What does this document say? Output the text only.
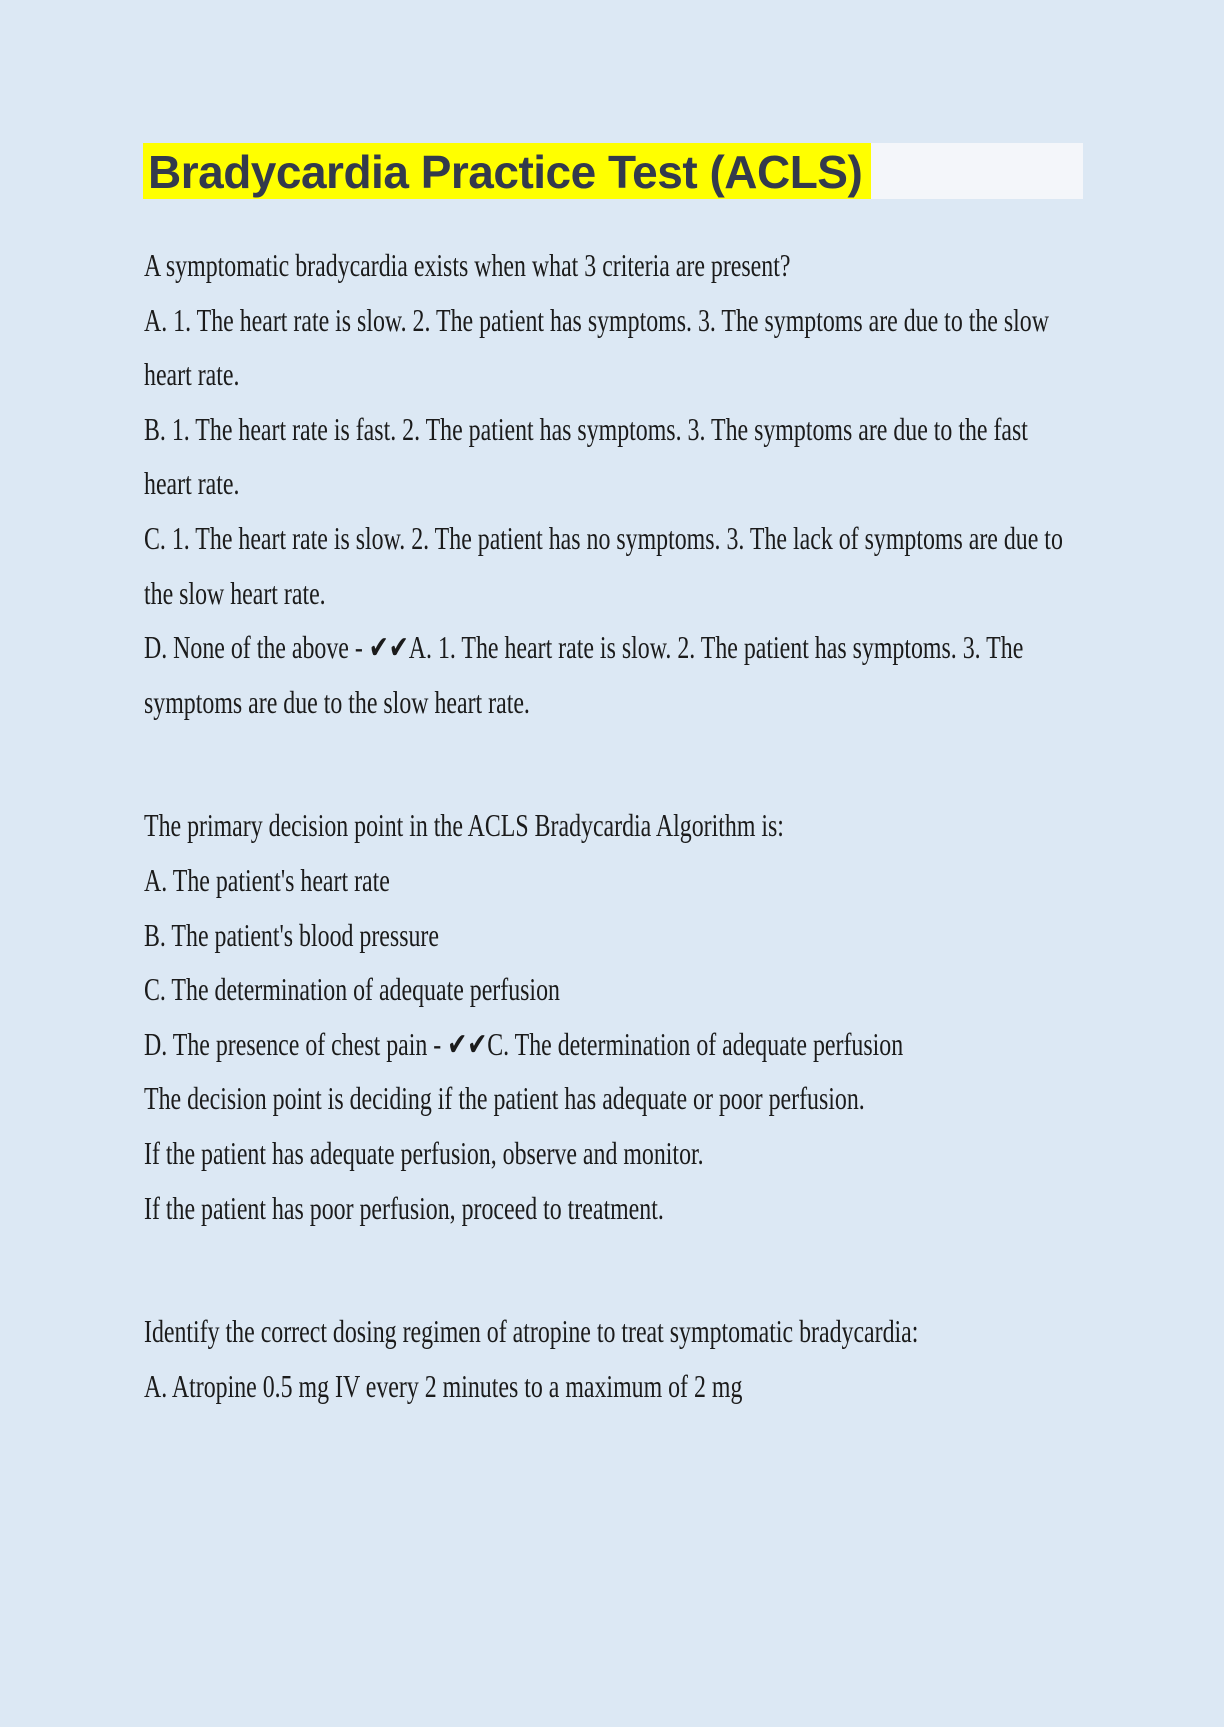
Bradycardia Practice Test (ACLS)
A symptomatic bradycardia exists when what 3 criteria are present?
A. 1. The heart rate is slow. 2. The patient has symptoms. 3. The symptoms are due to the slow
heart rate.
B. 1. The heart rate is fast. 2. The patient has symptoms. 3. The symptoms are due to the fast
heart rate.
C. 1. The heart rate is slow. 2. The patient has no symptoms. 3. The lack of symptoms are due to
the slow heart rate.
D. None of the above - ✔✔A. 1. The heart rate is slow. 2. The patient has symptoms. 3. The
symptoms are due to the slow heart rate.
The primary decision point in the ACLS Bradycardia Algorithm is:
A. The patient's heart rate
B. The patient's blood pressure
C. The determination of adequate perfusion
D. The presence of chest pain - ✔✔C. The determination of adequate perfusion
The decision point is deciding if the patient has adequate or poor perfusion.
If the patient has adequate perfusion, observe and monitor.
If the patient has poor perfusion, proceed to treatment.
Identify the correct dosing regimen of atropine to treat symptomatic bradycardia:
A. Atropine 0.5 mg IV every 2 minutes to a maximum of 2 mg
